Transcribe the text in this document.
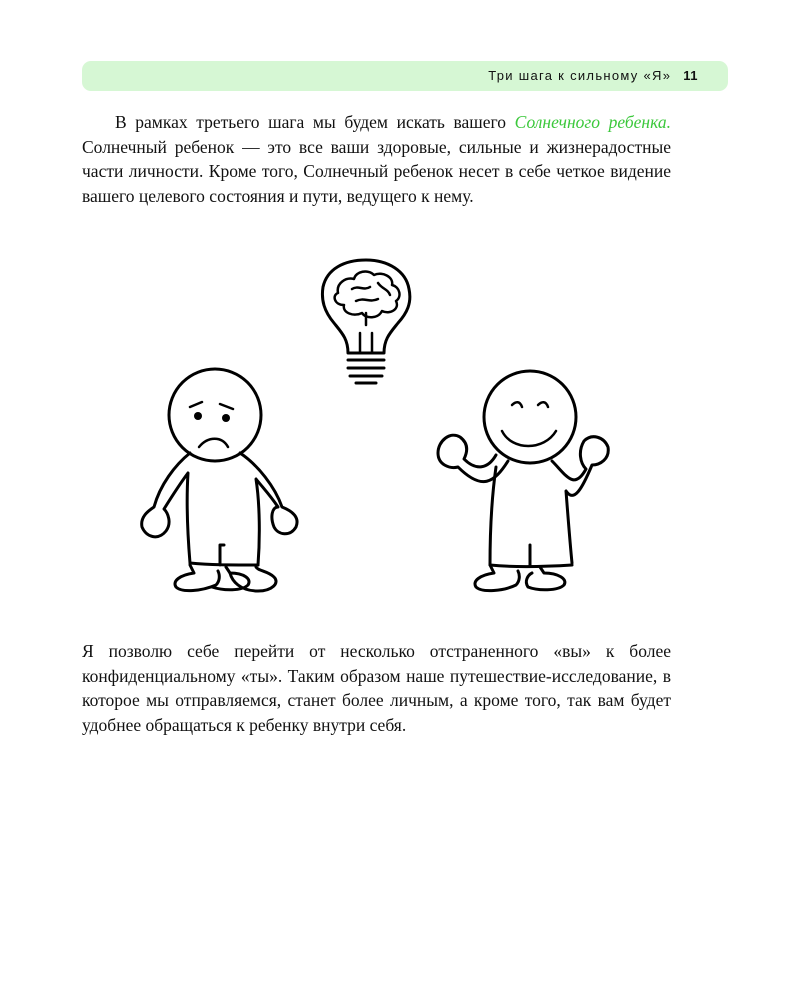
Три шага к сильному «Я» 11

В рамках третьего шага мы будем искать вашего Солнечного ребенка. Солнечный ребенок — это все ваши здоровые, сильные и жизнерадостные части личности. Кроме того, Солнечный ребенок несет в себе четкое видение вашего целевого состояния и пути, ведущего к нему.

Я позволю себе перейти от несколько отстраненного «вы» к более конфиденциальному «ты». Таким образом наше путешествие-исследование, в которое мы отправляемся, станет более личным, а кроме того, так вам будет удобнее обращаться к ребенку внутри себя.
